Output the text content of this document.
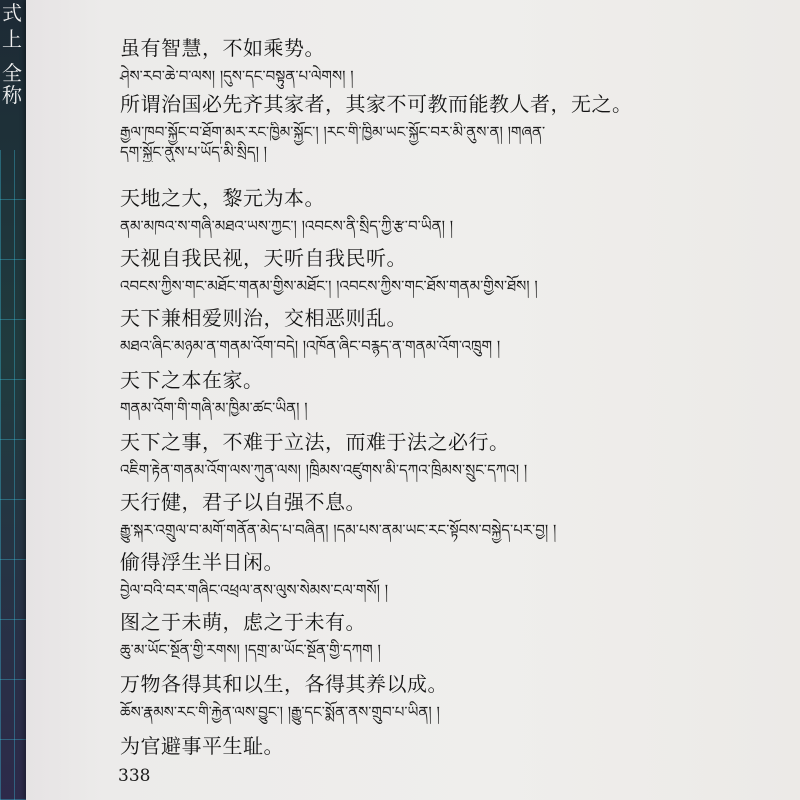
式
上
全
称
虽有智慧，不如乘势。
ཤེས་རབ་ཆེ་བ་ལས། །དུས་དང་བསྟུན་པ་ལེགས། །
所谓治国必先齐其家者，其家不可教而能教人者，无之。
རྒྱལ་ཁབ་སྐྱོང་བ་ཐོག་མར་རང་ཁྱིམ་སྐྱོང་། །རང་གི་ཁྱིམ་ཡང་སྐྱོང་བར་མི་ནུས་ན། །གཞན་
དག་སྐྱོང་ནུས་པ་ཡོད་མི་སྲིད། །
天地之大，黎元为本。
ནམ་མཁའ་ས་གཞི་མཐའ་ཡས་ཀྱང་། །འབངས་ནི་སྲིད་ཀྱི་རྩ་བ་ཡིན། །
天视自我民视，天听自我民听。
འབངས་ཀྱིས་གང་མཐོང་གནམ་གྱིས་མཐོང་། །འབངས་ཀྱིས་གང་ཐོས་གནམ་གྱིས་ཐོས། །
天下兼相爱则治，交相恶则乱。
མཐའ་ཞིང་མཉམ་ན་གནམ་འོག་བདེ། །འཁོན་ཞིང་བརྙད་ན་གནམ་འོག་འཁྲུག །
天下之本在家。
གནམ་འོག་གི་གཞི་མ་ཁྱིམ་ཚང་ཡིན། །
天下之事，不难于立法，而难于法之必行。
འཇིག་རྟེན་གནམ་འོག་ལས་ཀུན་ལས། །ཁྲིམས་འཛུགས་མི་དཀའ་ཁྲིམས་སྲུང་དཀའ། །
天行健，君子以自强不息。
རྒྱུ་སྐར་འགྲུལ་བ་མགོ་གནོན་མེད་པ་བཞིན། །དམ་པས་ནམ་ཡང་རང་སྟོབས་བསྐྱེད་པར་བྱ། །
偷得浮生半日闲。
བྱེལ་བའི་བར་གཞིང་འཕྲལ་ནས་ལུས་སེམས་ངལ་གསོ། །
图之于未萌，虑之于未有。
ཆུ་མ་ཡོང་སྔོན་གྱི་རགས། །དགྲ་མ་ཡོང་སྔོན་གྱི་དཀག །
万物各得其和以生，各得其养以成。
ཆོས་རྣམས་རང་གི་རྐྱེན་ལས་བྱུང་། །རྒྱུ་དང་སྨོན་ནས་གྲུབ་པ་ཡིན། །
为官避事平生耻。
338
